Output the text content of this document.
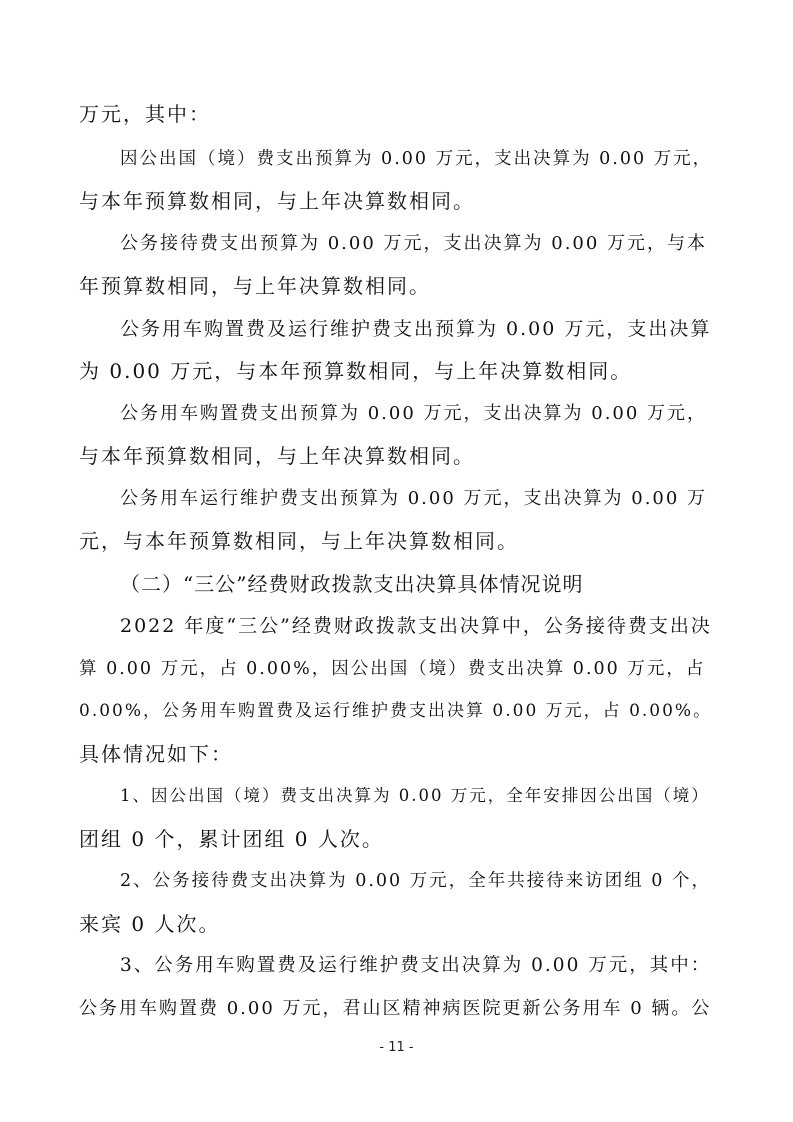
万元，其中：
因公出国（境）费支出预算为 0.00 万元，支出决算为 0.00 万元，
与本年预算数相同，与上年决算数相同。
公务接待费支出预算为 0.00 万元，支出决算为 0.00 万元，与本
年预算数相同，与上年决算数相同。
公务用车购置费及运行维护费支出预算为 0.00 万元，支出决算
为 0.00 万元，与本年预算数相同，与上年决算数相同。
公务用车购置费支出预算为 0.00 万元，支出决算为 0.00 万元，
与本年预算数相同，与上年决算数相同。
公务用车运行维护费支出预算为 0.00 万元，支出决算为 0.00 万
元，与本年预算数相同，与上年决算数相同。
（二）“三公”经费财政拨款支出决算具体情况说明
2022 年度“三公”经费财政拨款支出决算中，公务接待费支出决
算 0.00 万元，占 0.00%，因公出国（境）费支出决算 0.00 万元，占
0.00%，公务用车购置费及运行维护费支出决算 0.00 万元，占 0.00%。
具体情况如下：
1、因公出国（境）费支出决算为 0.00 万元，全年安排因公出国（境）
团组 0 个，累计团组 0 人次。
2、公务接待费支出决算为 0.00 万元，全年共接待来访团组 0 个，
来宾 0 人次。
3、公务用车购置费及运行维护费支出决算为 0.00 万元，其中：
公务用车购置费 0.00 万元，君山区精神病医院更新公务用车 0 辆。公
- 11 -
